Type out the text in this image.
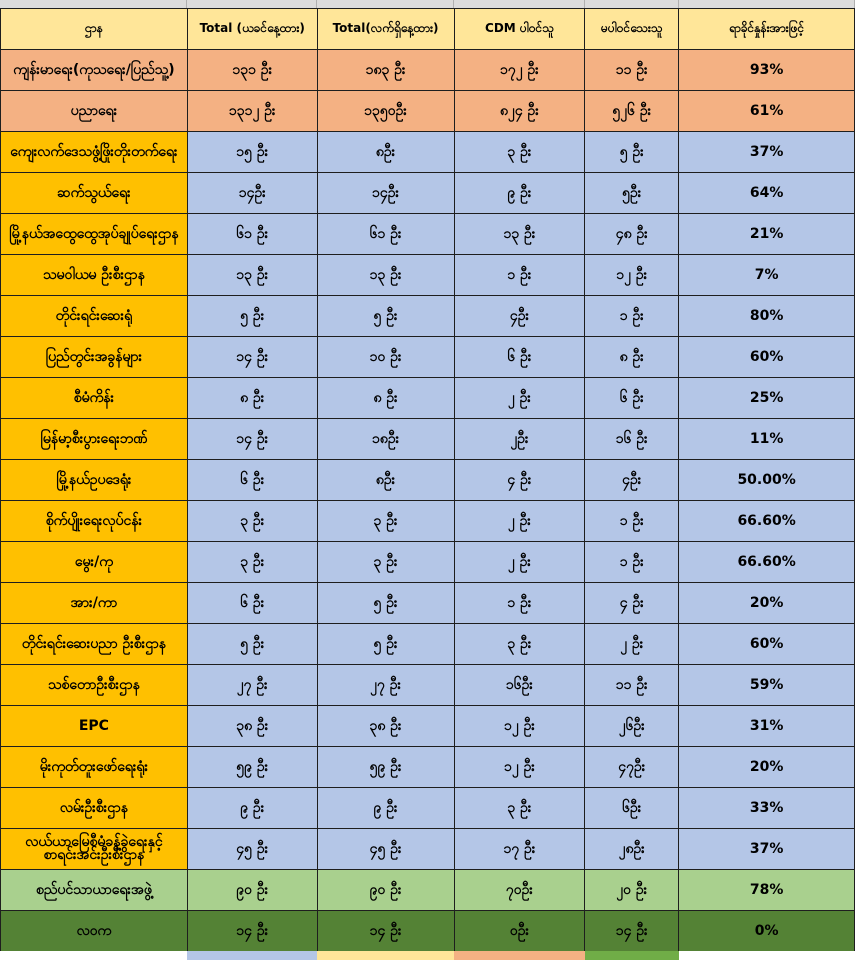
ဌာန	Total (ယခင်နေ့ထား)	Total(လက်ရှိနေ့ထား)	CDM ပါဝင်သူ	မပါဝင်သေးသူ	ရာခိုင်နှုန်းအားဖြင့်
ကျန်းမာရေး(ကုသရေး/ပြည်သူ့)	၁၃၁ ဦး	၁၈၃ ဦး	၁၇၂ ဦး	၁၁ ဦး	93%
ပညာရေး	၁၃၁၂ ဦး	၁၃၅၀ဦး	၈၂၄ ဦး	၅၂၆ ဦး	61%
ကျေးလက်ဒေသဖွံ့ဖြိုးတိုးတက်ရေး	၁၅ ဦး	၈ဦး	၃ ဦး	၅ ဦး	37%
ဆက်သွယ်ရေး	၁၄ဦး	၁၄ဦး	၉ ဦး	၅ဦး	64%
မြို့နယ်အထွေထွေအုပ်ချုပ်ရေးဌာန	၆၁ ဦး	၆၁ ဦး	၁၃ ဦး	၄၈ ဦး	21%
သမဝါယမ ဦးစီးဌာန	၁၃ ဦး	၁၃ ဦး	၁ ဦး	၁၂ ဦး	7%
တိုင်းရင်းဆေးရုံ	၅ ဦး	၅ ဦး	၄ဦး	၁ ဦး	80%
ပြည်တွင်းအခွန်များ	၁၄ ဦး	၁၀ ဦး	၆ ဦး	၈ ဦး	60%
စီမံကိန်း	၈ ဦး	၈ ဦး	၂ ဦး	၆ ဦး	25%
မြန်မာ့စီးပွားရေးဘဏ်	၁၄ ဦး	၁၈ဦး	၂ဦး	၁၆ ဦး	11%
မြို့နယ်ဥပဒေရုံး	၆ ဦး	၈ဦး	၄ ဦး	၄ဦး	50.00%
စိုက်ပျိုးရေးလုပ်ငန်း	၃ ဦး	၃ ဦး	၂ ဦး	၁ ဦး	66.60%
မွေး/ကု	၃ ဦး	၃ ဦး	၂ ဦး	၁ ဦး	66.60%
အား/ကာ	၆ ဦး	၅ ဦး	၁ ဦး	၄ ဦး	20%
တိုင်းရင်းဆေးပညာ ဦးစီးဌာန	၅ ဦး	၅ ဦး	၃ ဦး	၂ ဦး	60%
သစ်တောဦးစီးဌာန	၂၇ ဦး	၂၇ ဦး	၁၆ဦး	၁၁ ဦး	59%
EPC	၃၈ ဦး	၃၈ ဦး	၁၂ ဦး	၂၆ဦး	31%
မိုးကုတ်တူးဖော်ရေးရုံး	၅၉ ဦး	၅၉ ဦး	၁၂ ဦး	၄၇ဦး	20%
လမ်းဦးစီးဌာန	၉ ဦး	၉ ဦး	၃ ဦး	၆ဦး	33%
လယ်ယာမြေစီမံခန့်ခွဲရေးနှင့် စာရင်းအင်းဦးစီးဌာန	၄၅ ဦး	၄၅ ဦး	၁၇ ဦး	၂၈ဦး	37%
စည်ပင်သာယာရေးအဖွဲ့	၉၀ ဦး	၉၀ ဦး	၇၀ဦး	၂၀ ဦး	78%
လဝက	၁၄ ဦး	၁၄ ဦး	၀ဦး	၁၄ ဦး	0%
